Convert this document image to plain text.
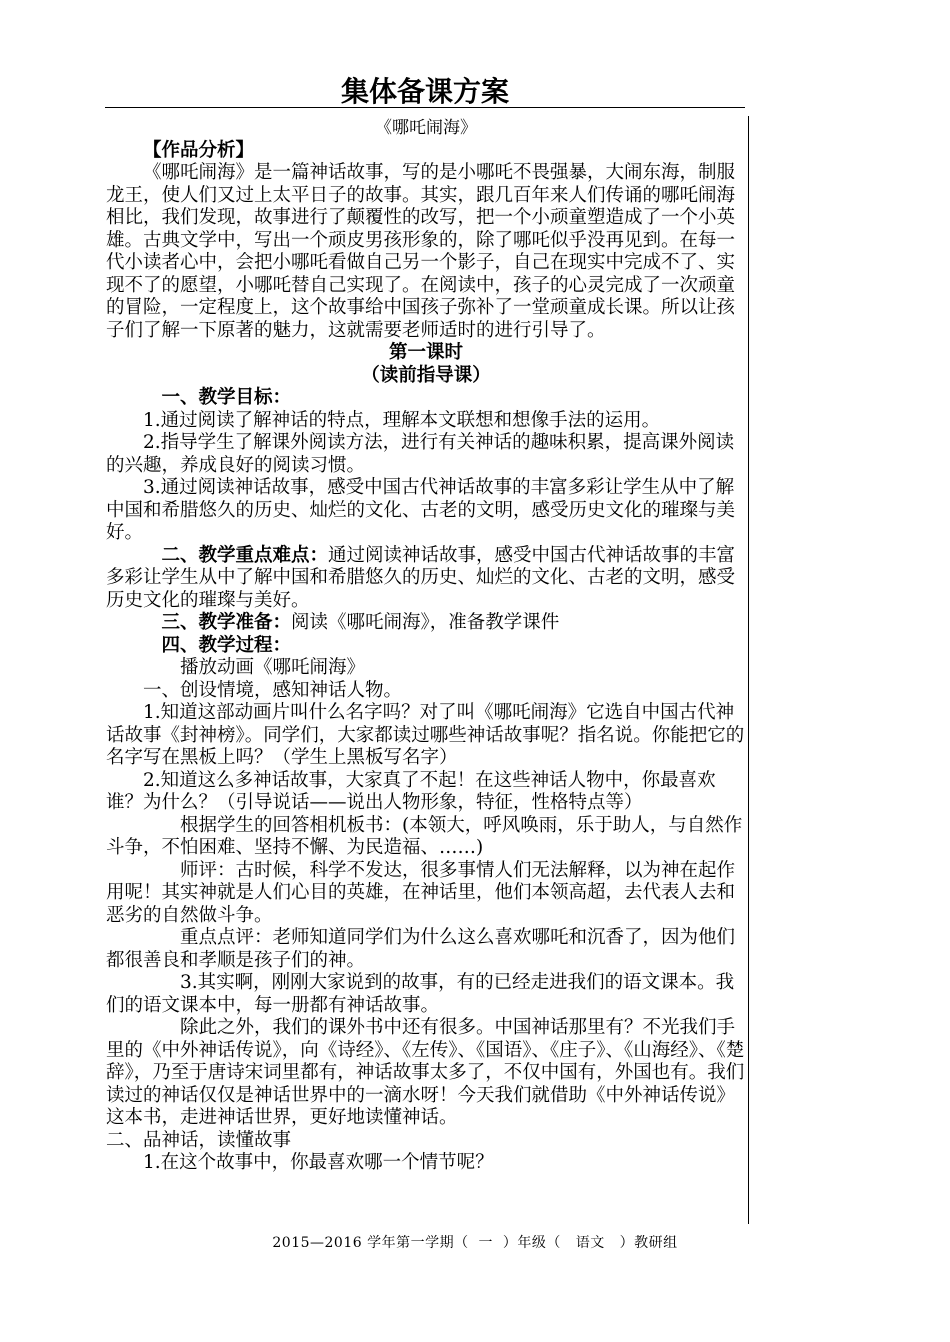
集体备课方案

《哪吒闹海》

【作品分析】

《哪吒闹海》是一篇神话故事，写的是小哪吒不畏强暴，大闹东海，制服龙王，使人们又过上太平日子的故事。其实，跟几百年来人们传诵的哪吒闹海相比，我们发现，故事进行了颠覆性的改写，把一个小顽童塑造成了一个小英雄。古典文学中，写出一个顽皮男孩形象的，除了哪吒似乎没再见到。在每一代小读者心中，会把小哪吒看做自己另一个影子，自己在现实中完成不了、实现不了的愿望，小哪吒替自己实现了。在阅读中，孩子的心灵完成了一次顽童的冒险，一定程度上，这个故事给中国孩子弥补了一堂顽童成长课。所以让孩子们了解一下原著的魅力，这就需要老师适时的进行引导了。

第一课时

（读前指导课）

一、教学目标：

1.通过阅读了解神话的特点，理解本文联想和想像手法的运用。

2.指导学生了解课外阅读方法，进行有关神话的趣味积累，提高课外阅读的兴趣，养成良好的阅读习惯。

3.通过阅读神话故事，感受中国古代神话故事的丰富多彩让学生从中了解中国和希腊悠久的历史、灿烂的文化、古老的文明，感受历史文化的璀璨与美好。

二、教学重点难点：通过阅读神话故事，感受中国古代神话故事的丰富多彩让学生从中了解中国和希腊悠久的历史、灿烂的文化、古老的文明，感受历史文化的璀璨与美好。

三、教学准备：阅读《哪吒闹海》，准备教学课件

四、教学过程：

播放动画《哪吒闹海》

一、创设情境，感知神话人物。

1.知道这部动画片叫什么名字吗？对了叫《哪吒闹海》它选自中国古代神话故事《封神榜》。同学们，大家都读过哪些神话故事呢？指名说。你能把它的名字写在黑板上吗？（学生上黑板写名字）

2.知道这么多神话故事，大家真了不起！在这些神话人物中，你最喜欢谁？为什么？（引导说话——说出人物形象，特征，性格特点等）

根据学生的回答相机板书：(本领大，呼风唤雨，乐于助人，与自然作斗争，不怕困难、坚持不懈、为民造福、……)

师评：古时候，科学不发达，很多事情人们无法解释，以为神在起作用呢！其实神就是人们心目的英雄，在神话里，他们本领高超，去代表人去和恶劣的自然做斗争。

重点点评：老师知道同学们为什么这么喜欢哪吒和沉香了，因为他们都很善良和孝顺是孩子们的神。

3.其实啊，刚刚大家说到的故事，有的已经走进我们的语文课本。我们的语文课本中，每一册都有神话故事。

除此之外，我们的课外书中还有很多。中国神话那里有？不光我们手里的《中外神话传说》，向《诗经》、《左传》、《国语》、《庄子》、《山海经》、《楚辞》，乃至于唐诗宋词里都有，神话故事太多了，不仅中国有，外国也有。我们读过的神话仅仅是神话世界中的一滴水呀！今天我们就借助《中外神话传说》这本书，走进神话世界，更好地读懂神话。

二、品神话，读懂故事

1.在这个故事中，你最喜欢哪一个情节呢？

2015—2016 学年第一学期（  一  ）年级（   语文   ）教研组
